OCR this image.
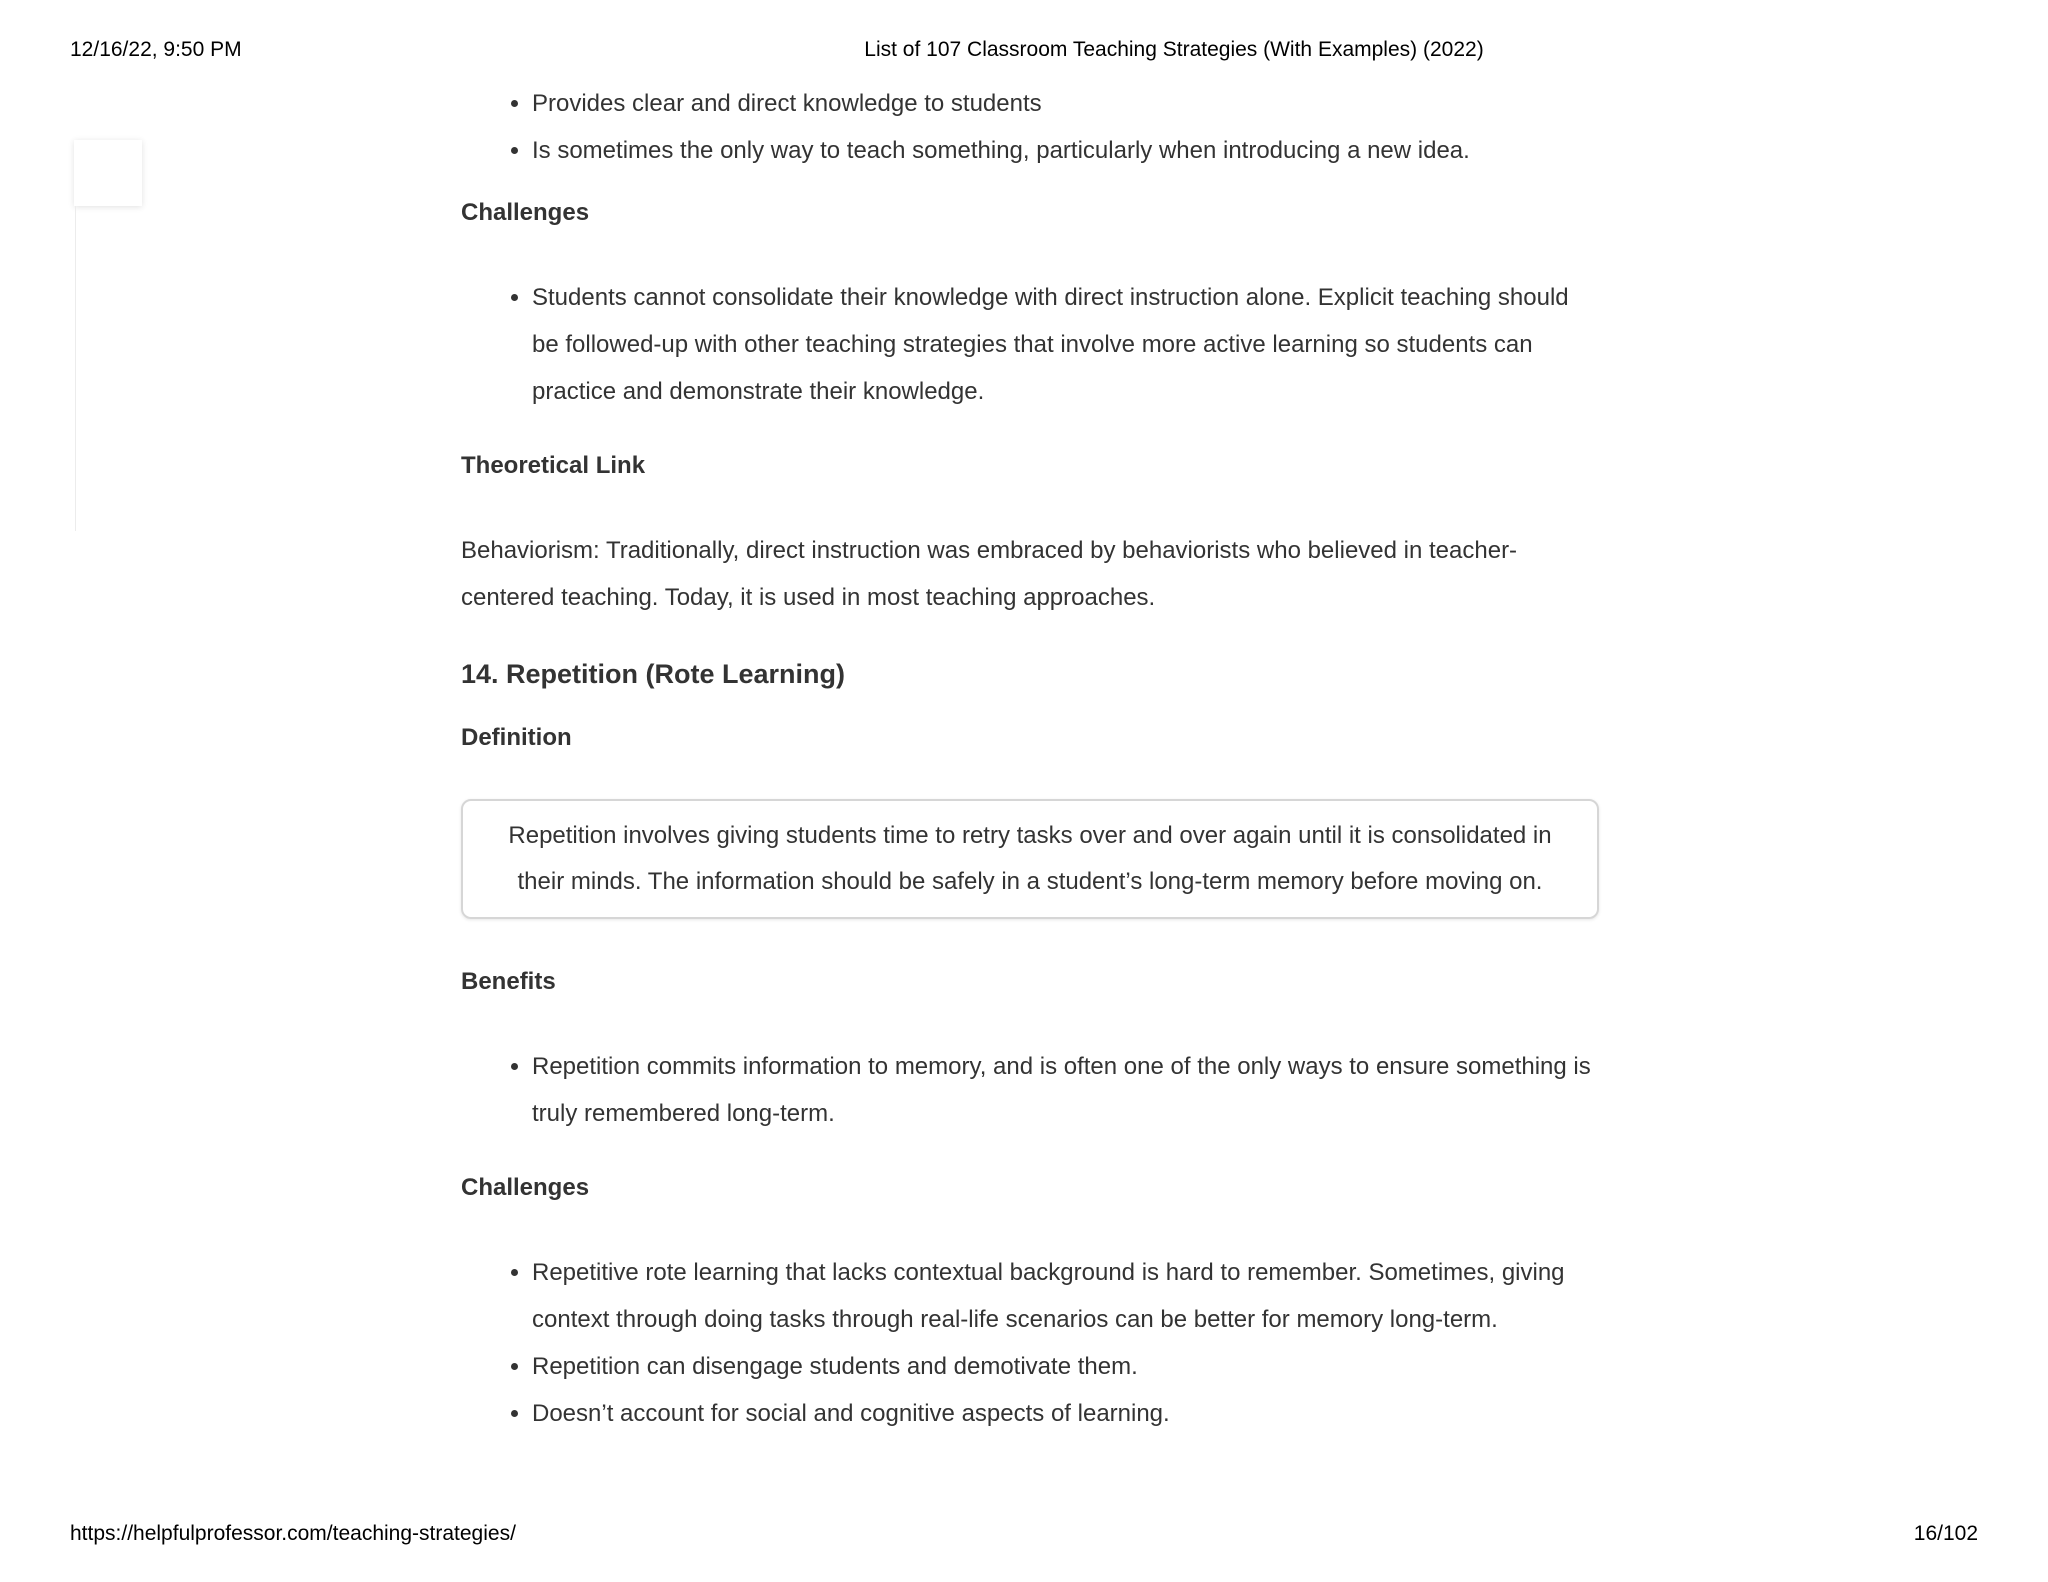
12/16/22, 9:50 PM	List of 107 Classroom Teaching Strategies (With Examples) (2022)
• Provides clear and direct knowledge to students
• Is sometimes the only way to teach something, particularly when introducing a new idea.
Challenges
• Students cannot consolidate their knowledge with direct instruction alone. Explicit teaching should be followed-up with other teaching strategies that involve more active learning so students can practice and demonstrate their knowledge.
Theoretical Link

Behaviorism: Traditionally, direct instruction was embraced by behaviorists who believed in teacher-centered teaching. Today, it is used in most teaching approaches.

14. Repetition (Rote Learning)
Definition
Repetition involves giving students time to retry tasks over and over again until it is consolidated in their minds. The information should be safely in a student’s long-term memory before moving on.
Benefits
• Repetition commits information to memory, and is often one of the only ways to ensure something is truly remembered long-term.
Challenges
• Repetitive rote learning that lacks contextual background is hard to remember. Sometimes, giving context through doing tasks through real-life scenarios can be better for memory long-term.
• Repetition can disengage students and demotivate them.
• Doesn’t account for social and cognitive aspects of learning.
https://helpfulprofessor.com/teaching-strategies/	16/102
